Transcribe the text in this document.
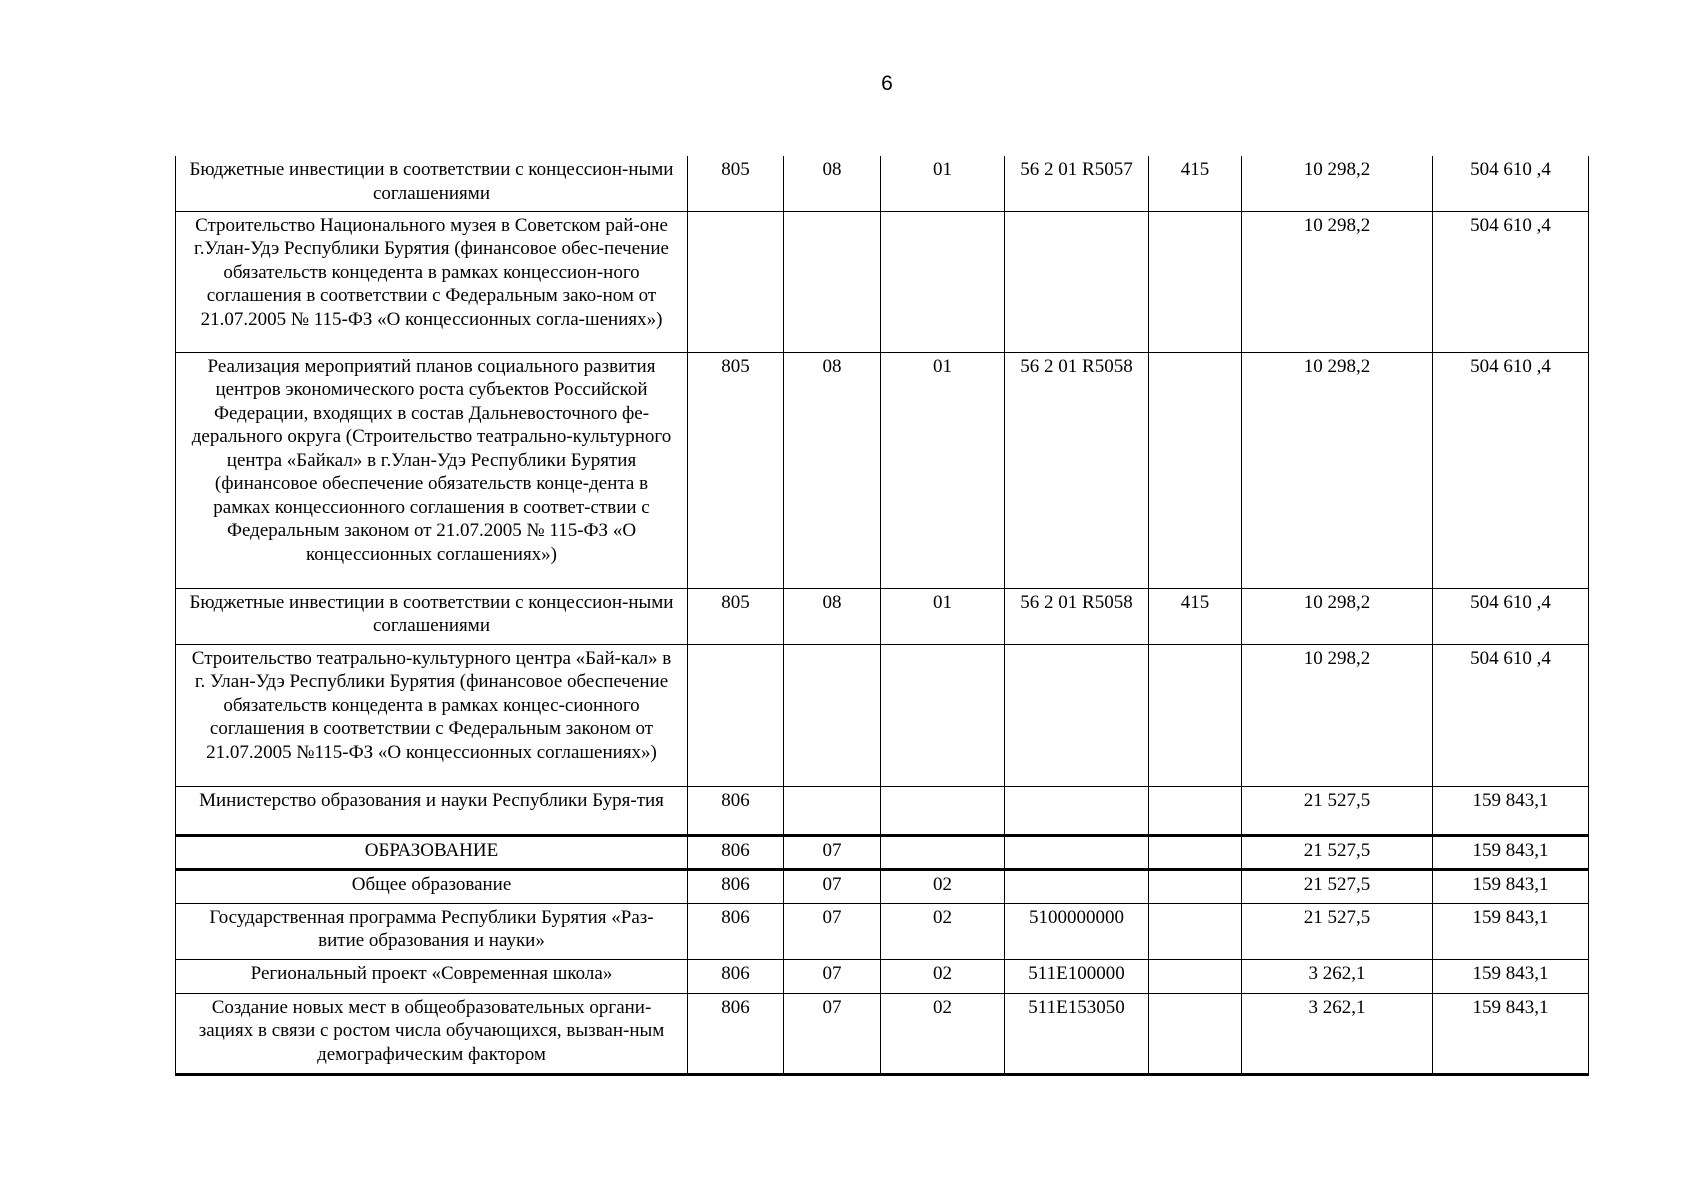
6
Бюджетные инвестиции в соответствии с концессион-ными соглашениями	805	08	01	56 2 01 R5057	415	10 298,2	504 610 ,4
Строительство Национального музея в Советском рай-оне г.Улан-Удэ Республики Бурятия (финансовое обес-печение обязательств концедента в рамках концессион-ного соглашения в соответствии с Федеральным зако-ном от 21.07.2005 № 115-ФЗ «О концессионных согла-шениях»)						10 298,2	504 610 ,4
Реализация мероприятий планов социального развития центров экономического роста субъектов Российской Федерации, входящих в состав Дальневосточного фе-дерального округа (Строительство театрально-культурного центра «Байкал» в г.Улан-Удэ Республики Бурятия (финансовое обеспечение обязательств конце-дента в рамках концессионного соглашения в соответ-ствии с Федеральным законом от 21.07.2005 № 115-ФЗ «О концессионных соглашениях»)	805	08	01	56 2 01 R5058		10 298,2	504 610 ,4
Бюджетные инвестиции в соответствии с концессион-ными соглашениями	805	08	01	56 2 01 R5058	415	10 298,2	504 610 ,4
Строительство театрально-культурного центра «Бай-кал» в г. Улан-Удэ Республики Бурятия (финансовое обеспечение обязательств концедента в рамках концес-сионного соглашения в соответствии с Федеральным законом от 21.07.2005 №115-ФЗ «О концессионных соглашениях»)						10 298,2	504 610 ,4
Министерство образования и науки Республики Буря-тия	806					21 527,5	159 843,1
ОБРАЗОВАНИЕ	806	07				21 527,5	159 843,1
Общее образование	806	07	02			21 527,5	159 843,1
Государственная программа Республики Бурятия «Раз-витие образования и науки»	806	07	02	5100000000		21 527,5	159 843,1
Региональный проект «Современная школа»	806	07	02	511E100000		3 262,1	159 843,1
Создание новых мест в общеобразовательных органи-зациях в связи с ростом числа обучающихся, вызван-ным демографическим фактором	806	07	02	511E153050		3 262,1	159 843,1
